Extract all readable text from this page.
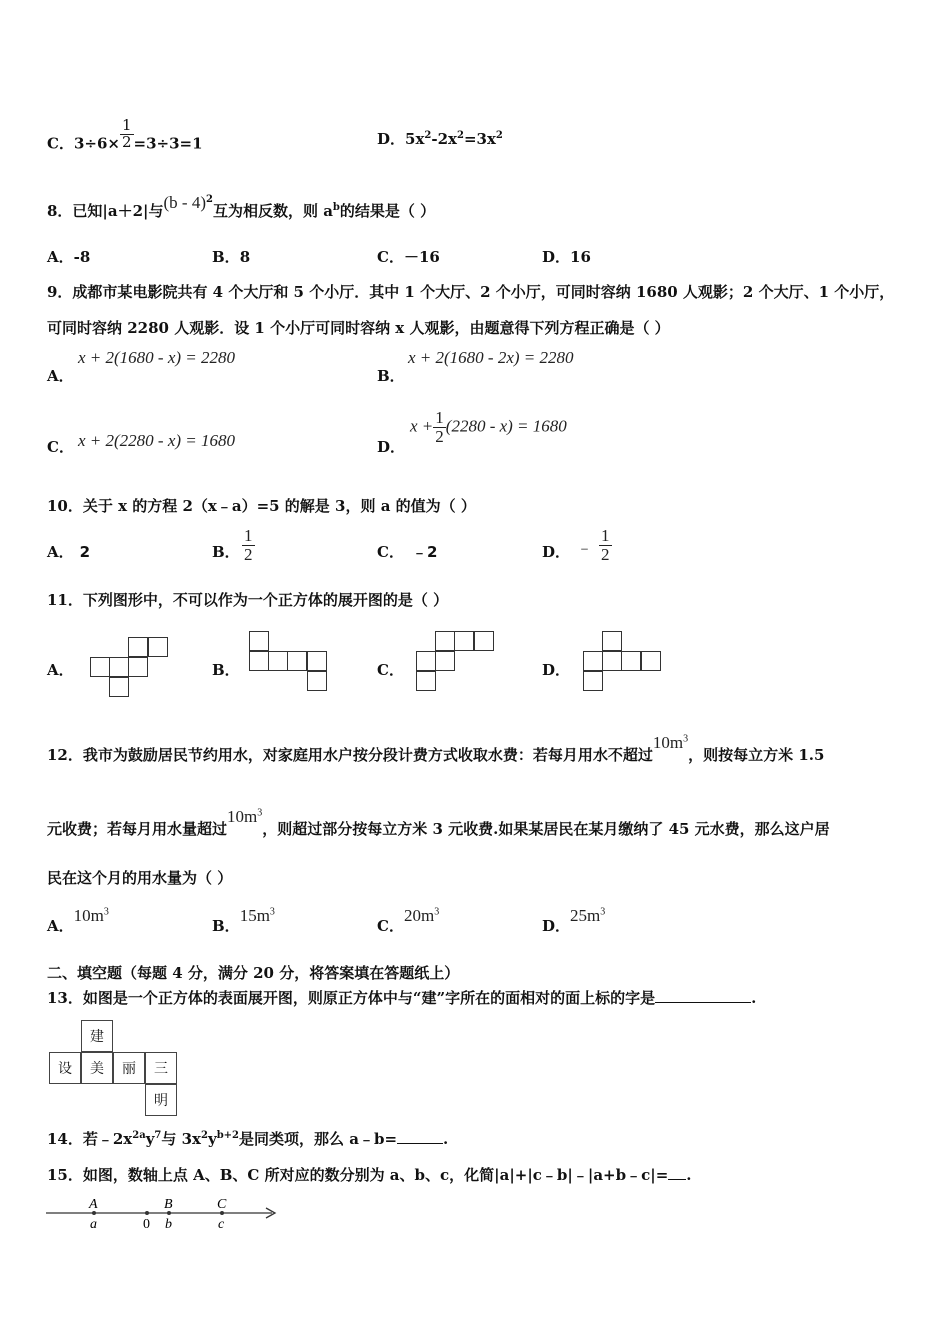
C．$3\div 6\times \frac{1}{2} =3\div 3=1$	D．$5x^2-2x^2=3x^2$
8．已知|a＋2|与(b - 4)$^2$互为相反数，则 $a^b$的结果是（ ）
A．-8	B．8	C．－16	D．16
9．成都市某电影院共有 4 个大厅和 5 个小厅．其中 1 个大厅、2 个小厅，可同时容纳 1680 人观影；2 个大厅、1 个小厅，
可同时容纳 2280 人观影．设 1 个小厅可同时容纳 x 人观影，由题意得下列方程正确是（ ）
A．
x + 2(1680 - x) = 2280
B．
x + 2(1680 - 2x) = 2280
C． x + 2(2280 - x) = 1680	D．
$x + \frac{1}{2} (2280 - x) = 1680$
10．关于 x 的方程 2（x﹣a）=5 的解是 3，则 a 的值为（ ）
A． 2	B． $\frac{1}{2}$	C． ﹣2	D． ﹣ $\frac{1}{2}$
11．下列图形中，不可以作为一个正方体的展开图的是（ ）
A．	B．	C．	D．
12．我市为鼓励居民节约用水，对家庭用水户按分段计费方式收取水费：若每月用水不超过$10m^3$，则按每立方米 1.5
元收费；若每月用水量超过$10m^3$，则超过部分按每立方米 3 元收费.如果某居民在某月缴纳了 45 元水费，那么这户居
民在这个月的用水量为（ ）
A．$10m^3$
B．$15m^3$
C．$20m^3$
D．$25m^3$
二、填空题（每题 4 分，满分 20 分，将答案填在答题纸上）
13．如图是一个正方体的表面展开图，则原正方体中与“建”字所在的面相对的面上标的字是	.
建
设	美	丽	三
明
14．若$﹣2x^{2a}y^7$与 $3x^2y^{b+2}$是同类项，那么 a﹣b=	.
15．如图，数轴上点 A、B、C 所对应的数分别为 a、b、c，化简|a|+|c﹣b|﹣|a+b﹣c|= .
A	B	C
a	0 b	c
